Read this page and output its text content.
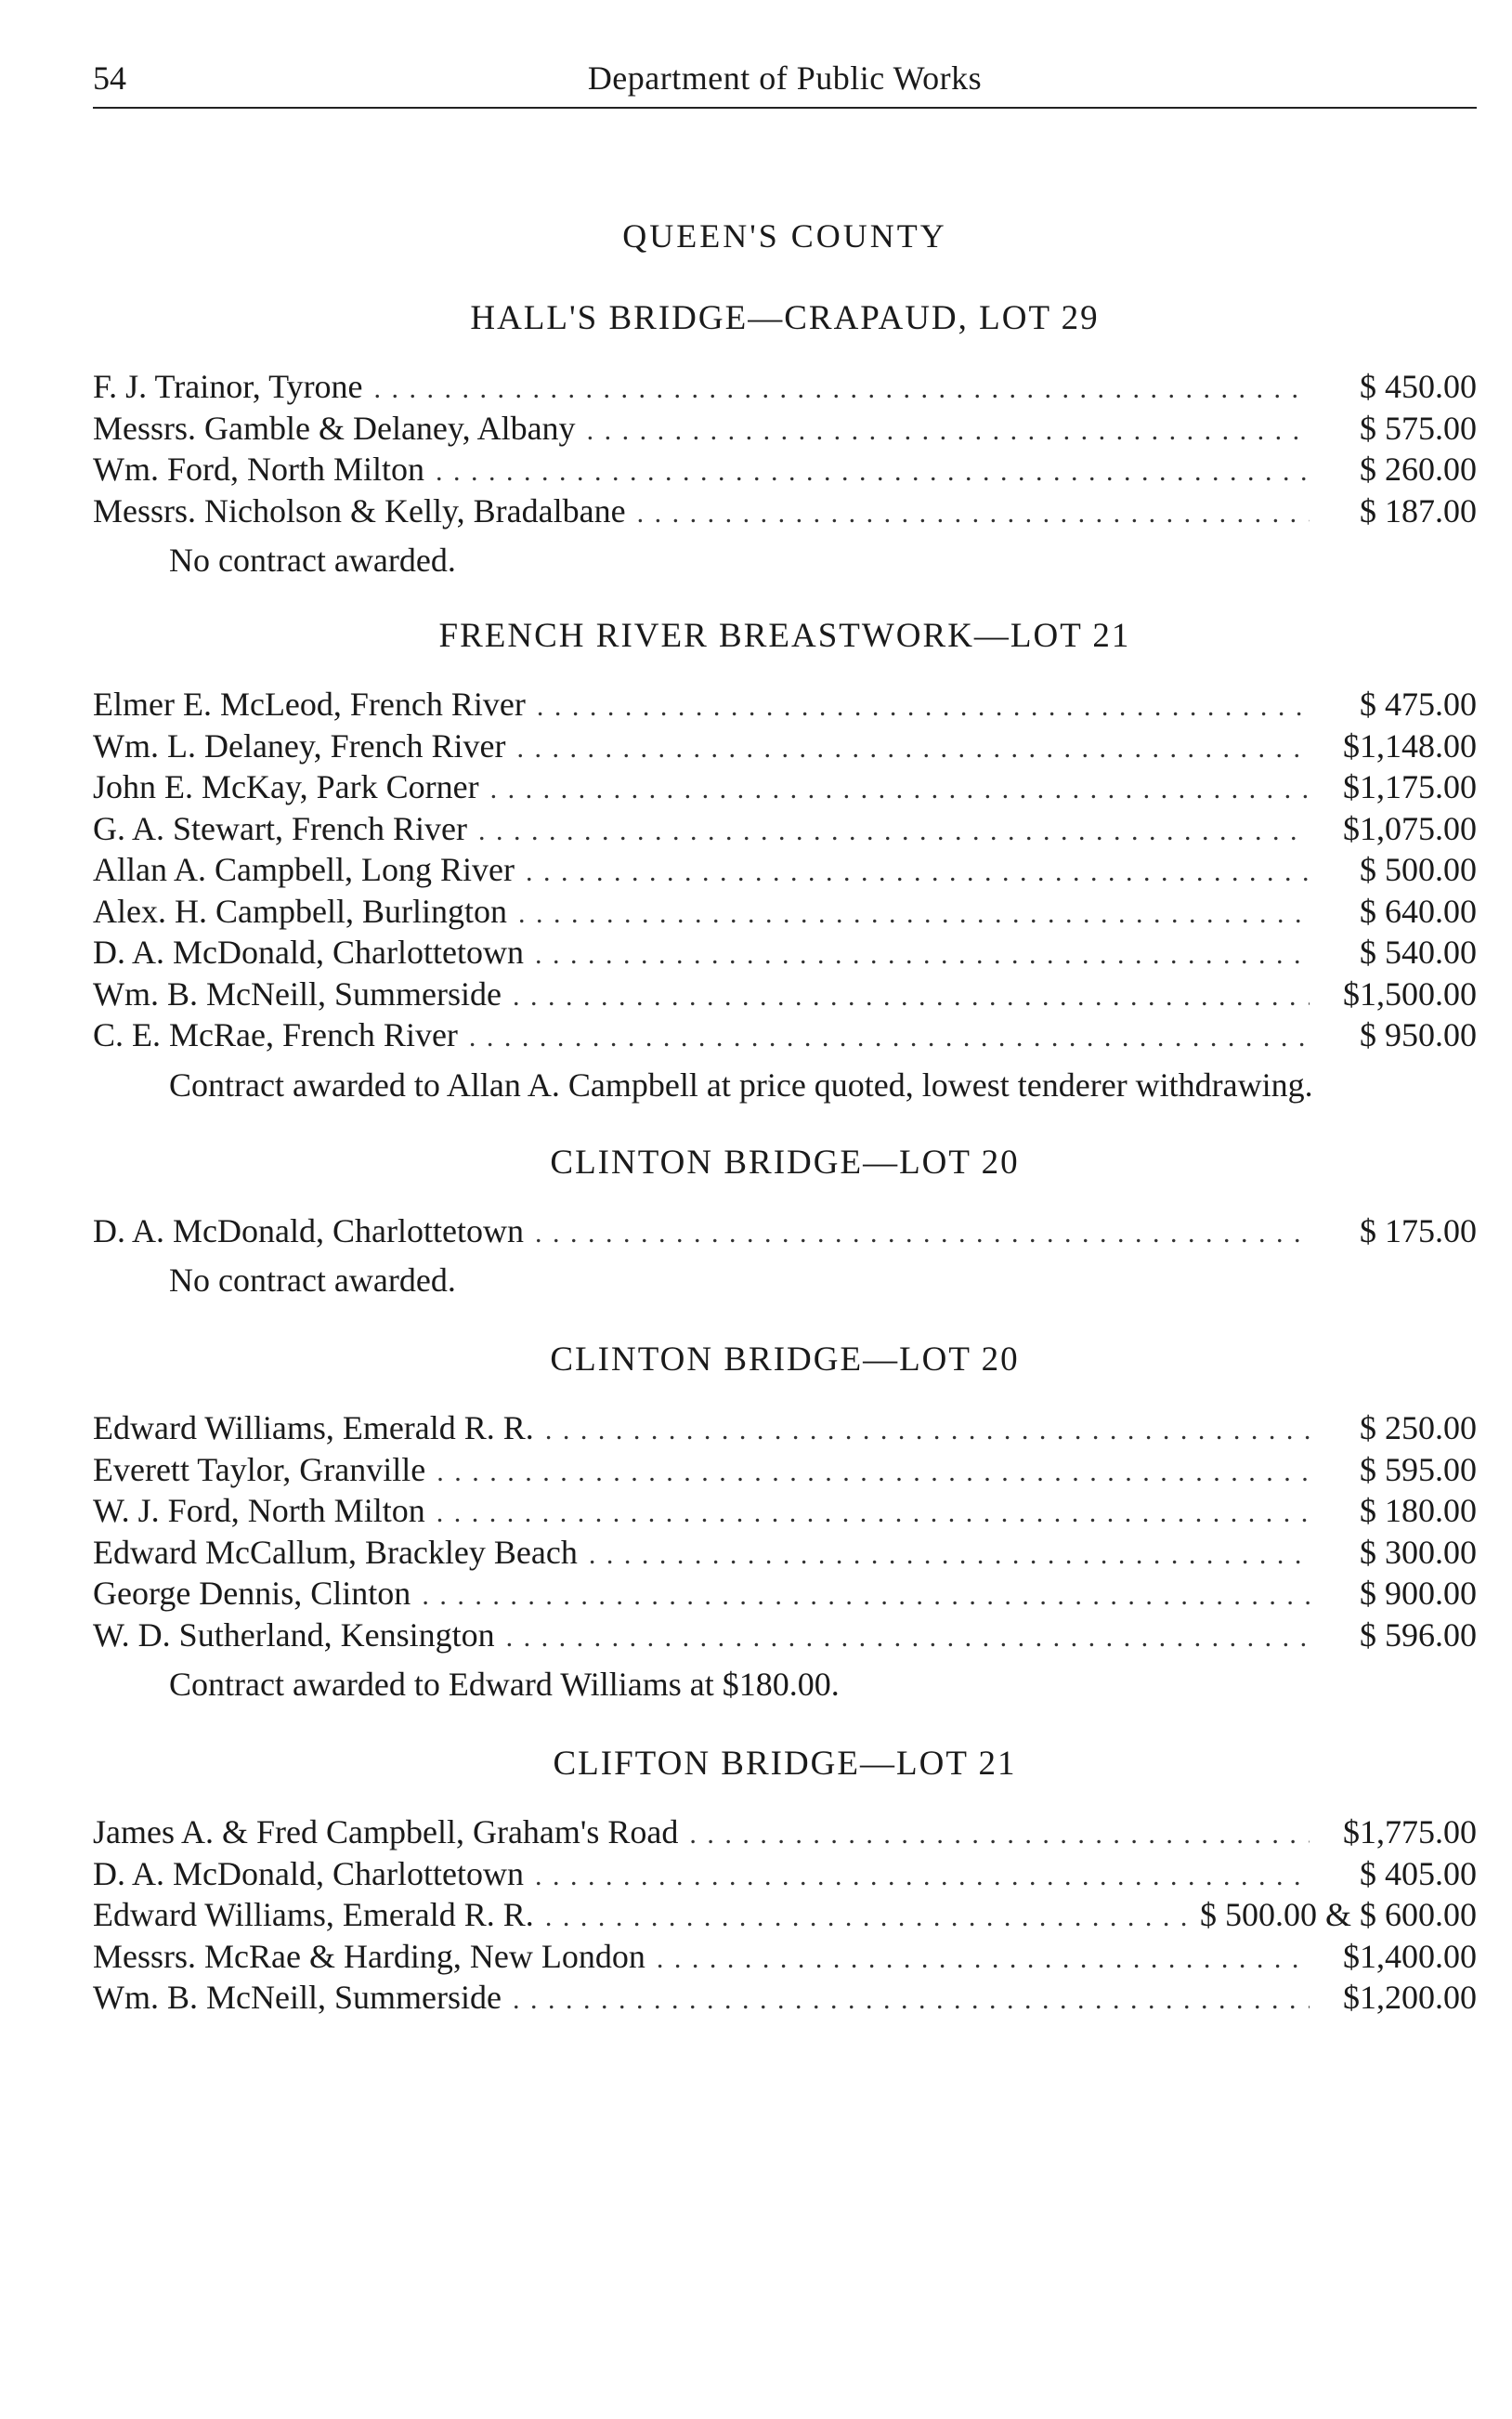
54	Department of Public Works
QUEEN'S COUNTY
HALL'S BRIDGE—CRAPAUD, LOT 29
F. J. Trainor, Tyrone . . .	$ 450.00
Messrs. Gamble & Delaney, Albany . . .	$ 575.00
Wm. Ford, North Milton . . .	$ 260.00
Messrs. Nicholson & Kelly, Bradalbane . . .	$ 187.00
No contract awarded.
FRENCH RIVER BREASTWORK—LOT 21
Elmer E. McLeod, French River . . .	$ 475.00
Wm. L. Delaney, French River . . .	$1,148.00
John E. McKay, Park Corner . . .	$1,175.00
G. A. Stewart, French River . . .	$1,075.00
Allan A. Campbell, Long River . . .	$ 500.00
Alex. H. Campbell, Burlington . . .	$ 640.00
D. A. McDonald, Charlottetown . . .	$ 540.00
Wm. B. McNeill, Summerside . . .	$1,500.00
C. E. McRae, French River . . .	$ 950.00
Contract awarded to Allan A. Campbell at price quoted, lowest tenderer withdrawing.
CLINTON BRIDGE—LOT 20
D. A. McDonald, Charlottetown . . .	$ 175.00
No contract awarded.
CLINTON BRIDGE—LOT 20
Edward Williams, Emerald R. R. . . .	$ 250.00
Everett Taylor, Granville . . .	$ 595.00
W. J. Ford, North Milton . . .	$ 180.00
Edward McCallum, Brackley Beach . . .	$ 300.00
George Dennis, Clinton . . .	$ 900.00
W. D. Sutherland, Kensington . . .	$ 596.00
Contract awarded to Edward Williams at $180.00.
CLIFTON BRIDGE—LOT 21
James A. & Fred Campbell, Graham's Road . . .	$1,775.00
D. A. McDonald, Charlottetown . . .	$ 405.00
Edward Williams, Emerald R. R. . . .	$ 500.00 & $ 600.00
Messrs. McRae & Harding, New London . . .	$1,400.00
Wm. B. McNeill, Summerside . . .	$1,200.00
